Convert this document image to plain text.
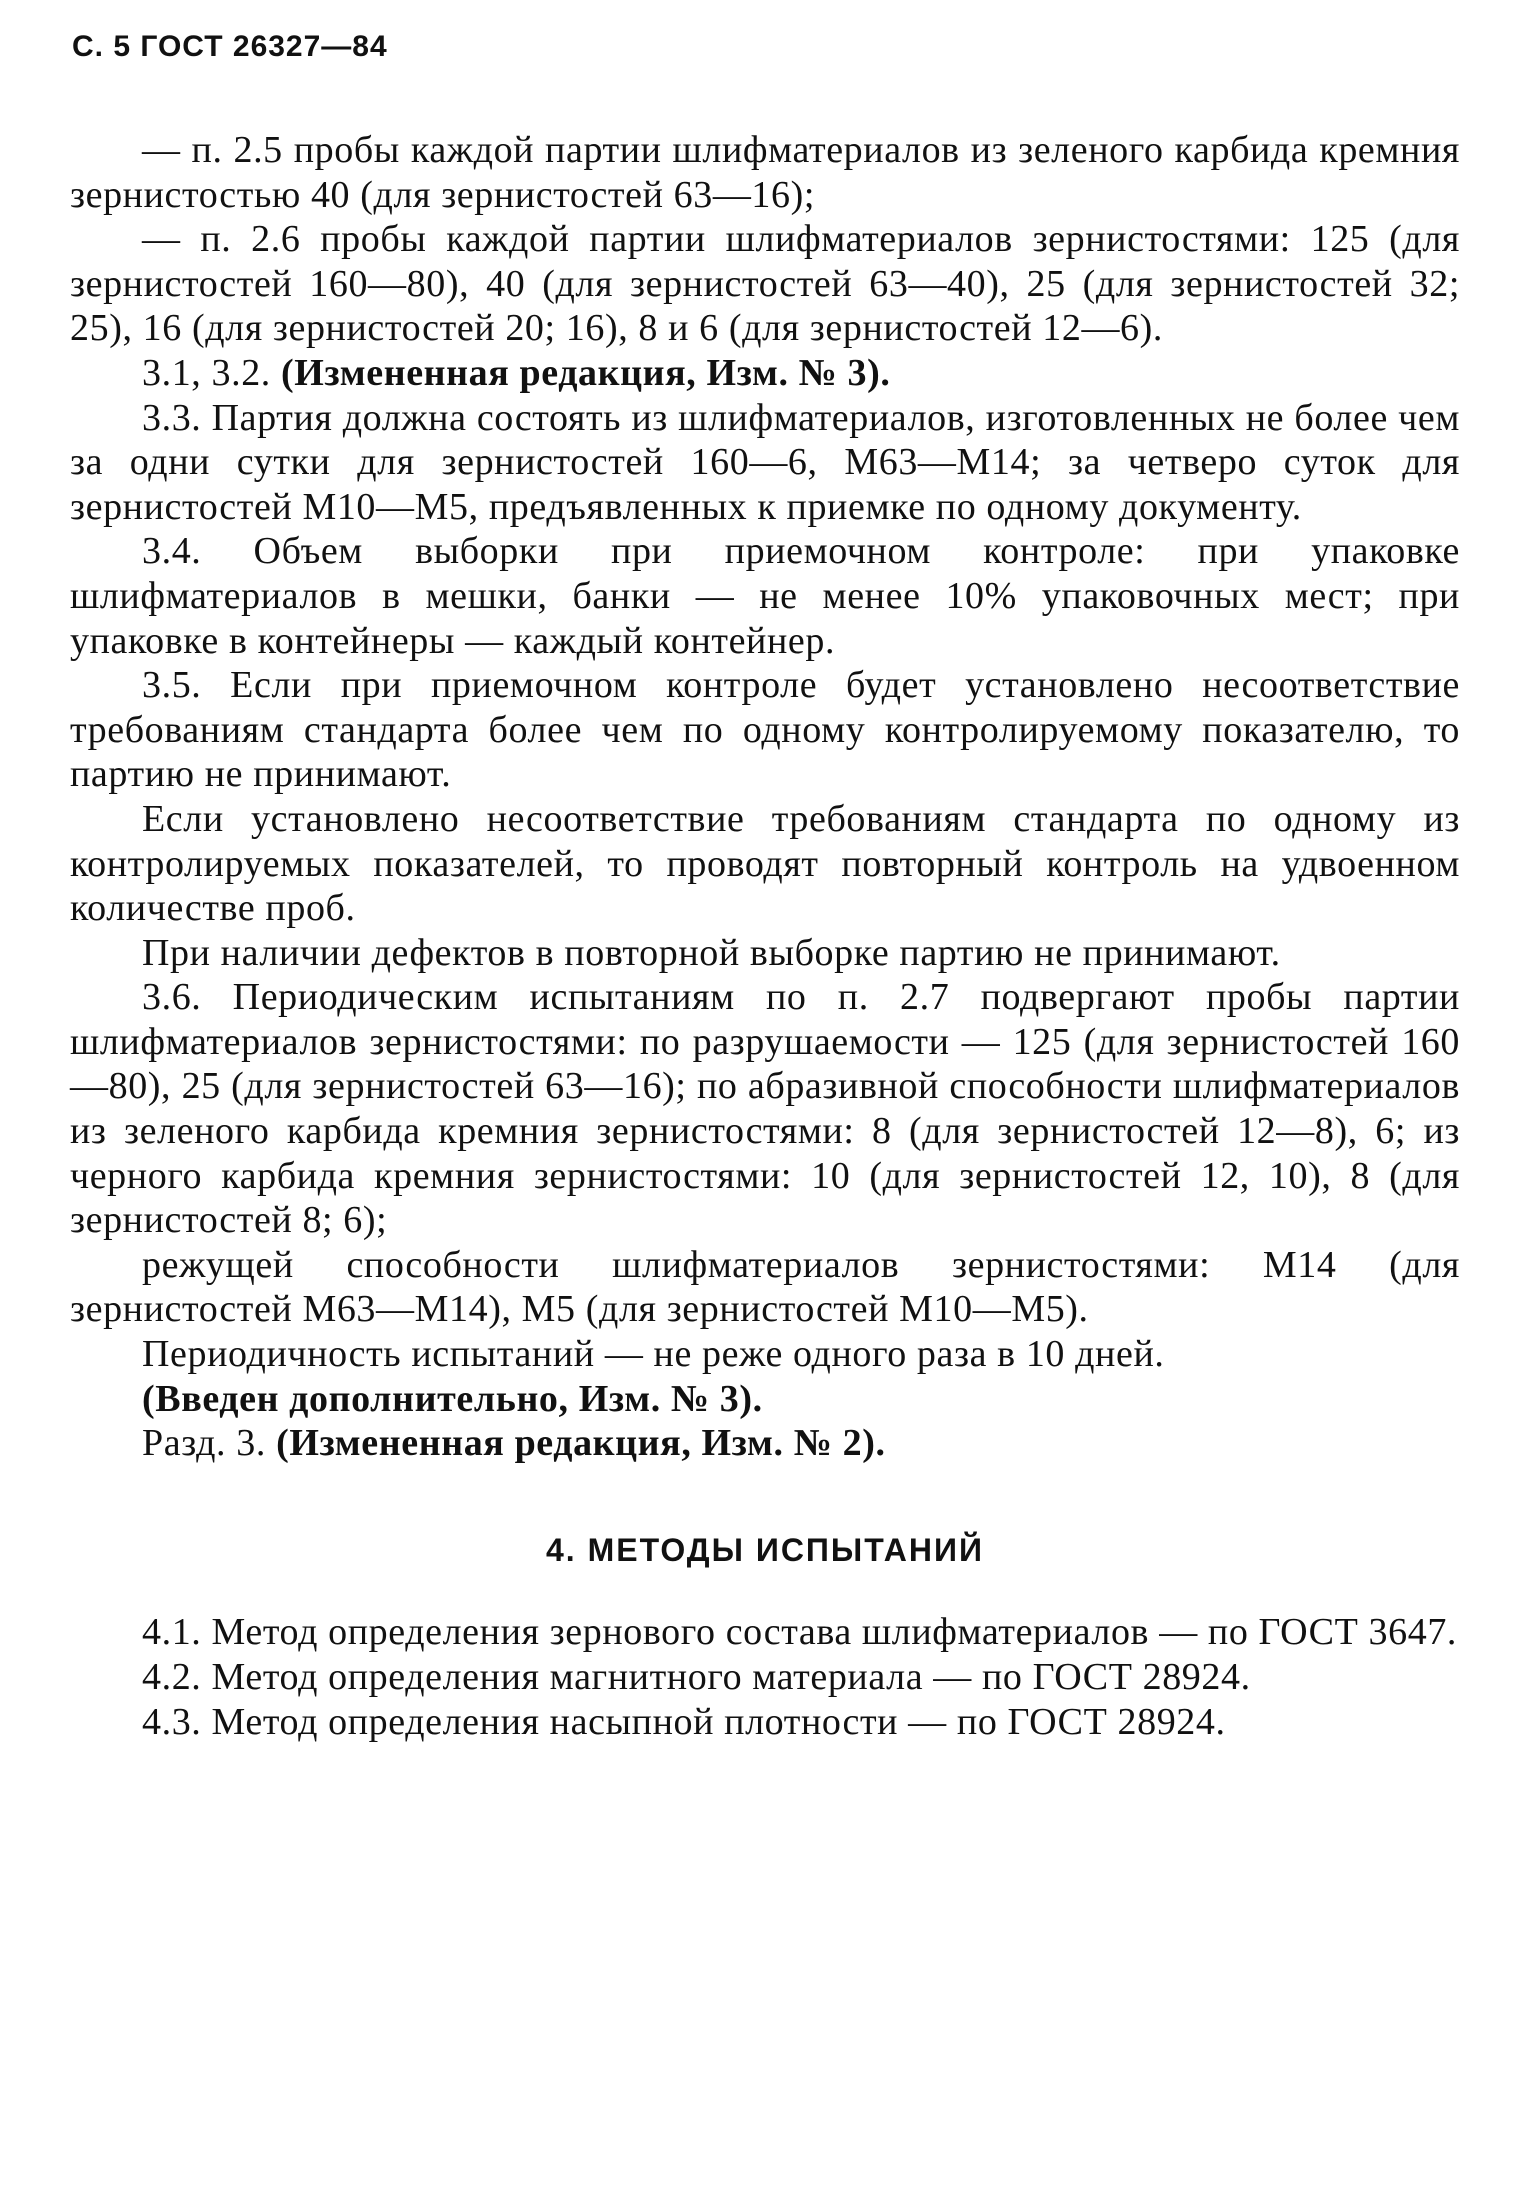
С. 5 ГОСТ 26327—84

— п. 2.5 пробы каждой партии шлифматериалов из зеленого карбида кремния зернистостью 40 (для зернистостей 63—16);

— п. 2.6 пробы каждой партии шлифматериалов зернистостями: 125 (для зернистостей 160—80), 40 (для зернистостей 63—40), 25 (для зернистостей 32; 25), 16 (для зернистостей 20; 16), 8 и 6 (для зернистостей 12—6).

3.1, 3.2. (Измененная редакция, Изм. № 3).

3.3. Партия должна состоять из шлифматериалов, изготовленных не более чем за одни сутки для зернистостей 160—6, М63—М14; за четверо суток для зернистостей М10—М5, предъявленных к приемке по одному документу.

3.4. Объем выборки при приемочном контроле: при упаковке шлифматериалов в мешки, банки — не менее 10% упаковочных мест; при упаковке в контейнеры — каждый контейнер.

3.5. Если при приемочном контроле будет установлено несоответствие требованиям стандарта более чем по одному контролируемому показателю, то партию не принимают.

Если установлено несоответствие требованиям стандарта по одному из контролируемых показателей, то проводят повторный контроль на удвоенном количестве проб.

При наличии дефектов в повторной выборке партию не принимают.

3.6. Периодическим испытаниям по п. 2.7 подвергают пробы партии шлифматериалов зернистостями: по разрушаемости — 125 (для зернистостей 160—80), 25 (для зернистостей 63—16); по абразивной способности шлифматериалов из зеленого карбида кремния зернистостями: 8 (для зернистостей 12—8), 6; из черного карбида кремния зернистостями: 10 (для зернистостей 12, 10), 8 (для зернистостей 8; 6);

режущей способности шлифматериалов зернистостями: М14 (для зернистостей М63—М14), М5 (для зернистостей М10—М5).

Периодичность испытаний — не реже одного раза в 10 дней.

(Введен дополнительно, Изм. № 3).

Разд. 3. (Измененная редакция, Изм. № 2).

4. МЕТОДЫ ИСПЫТАНИЙ

4.1. Метод определения зернового состава шлифматериалов — по ГОСТ 3647.

4.2. Метод определения магнитного материала — по ГОСТ 28924.

4.3. Метод определения насыпной плотности — по ГОСТ 28924.
